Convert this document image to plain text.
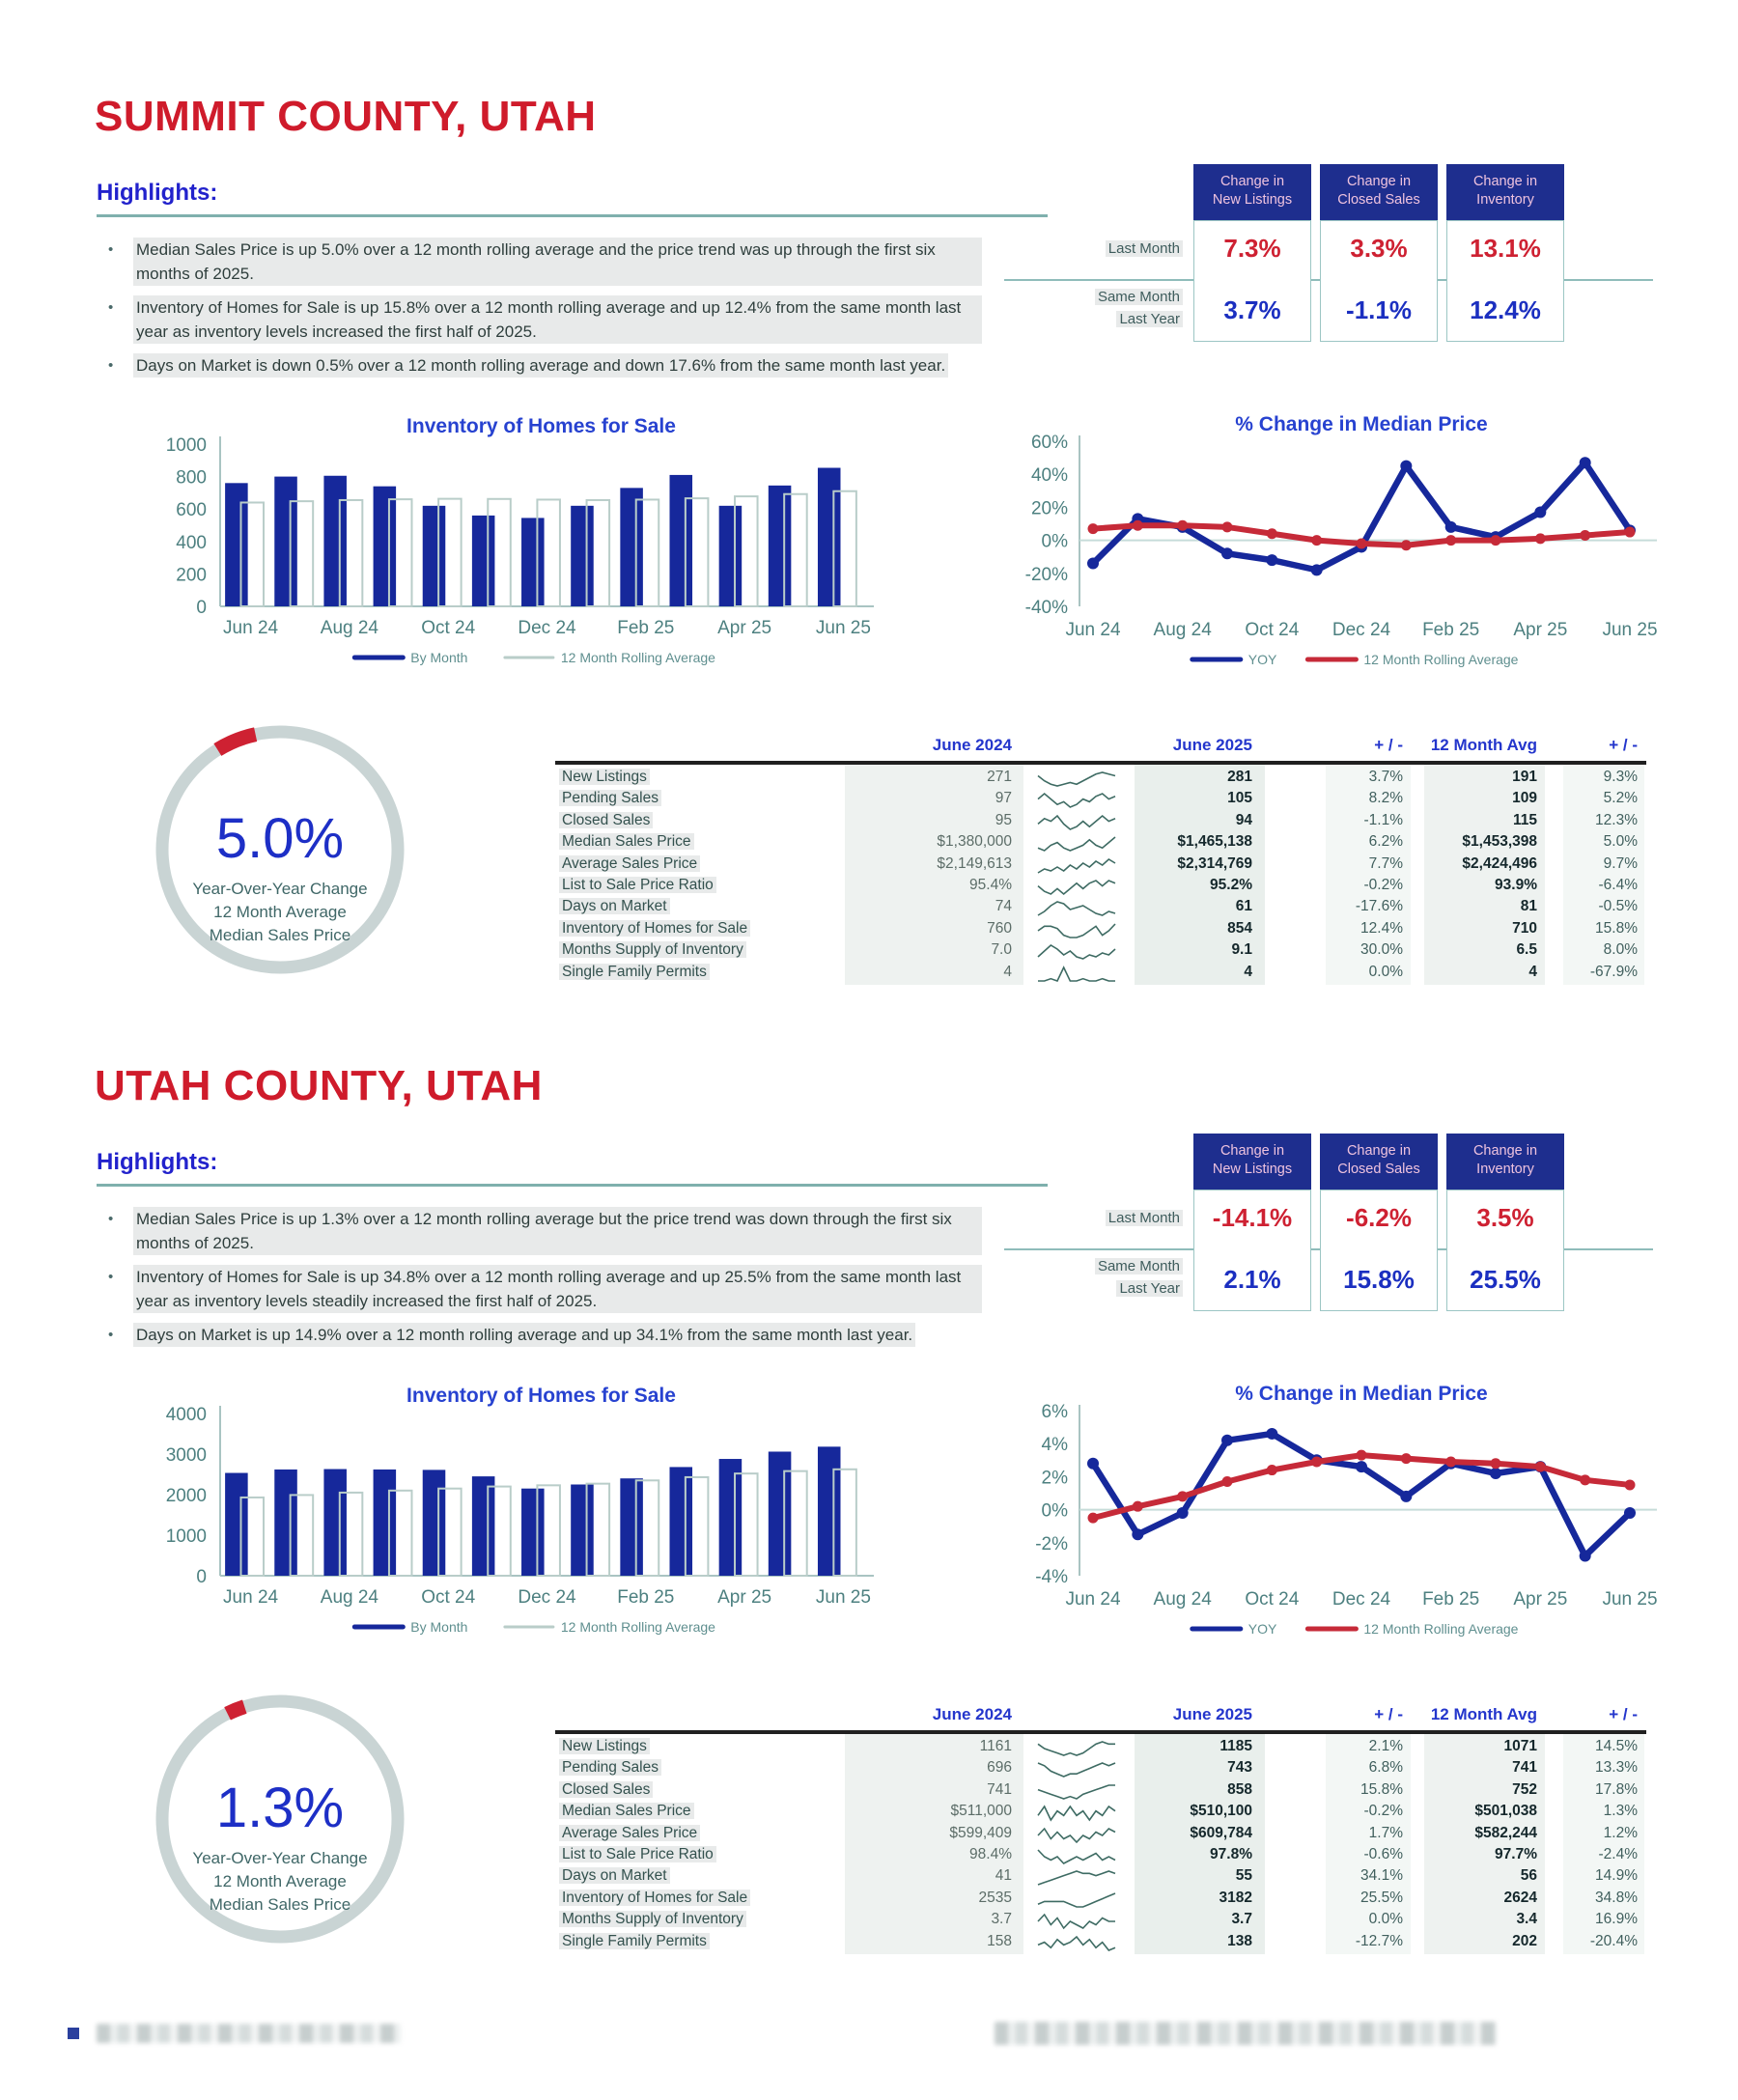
SUMMIT COUNTY, UTAH
Highlights:
•	Median Sales Price is up 5.0% over a 12 month rolling average and the price trend was up through the first six months of 2025.
•	Inventory of Homes for Sale is up 15.8% over a 12 month rolling average and up 12.4% from the same month last year as inventory levels increased the first half of 2025.
•	Days on Market is down 0.5% over a 12 month rolling average and down 17.6% from the same month last year.
Last Month
Same Month
Last Year
Change in
New Listings
Change in
Closed Sales
Change in
Inventory
7.3%	3.3%	13.1%
3.7%	-1.1%	12.4%
Inventory of Homes for Sale
1000
800
600
400
200
0
Jun 24 Aug 24 Oct 24 Dec 24 Feb 25 Apr 25 Jun 25
By Month	12 Month Rolling Average
% Change in Median Price
60%
40%
20%
0%
-20%
-40%
Jun 24 Aug 24 Oct 24 Dec 24 Feb 25 Apr 25 Jun 25
YOY	12 Month Rolling Average
5.0%
Year-Over-Year Change
12 Month Average
Median Sales Price
June 2024	June 2025	+ / - 12 Month Avg	+ / -
New Listings	271	281	3.7%	191	9.3%
Pending Sales	97	105	8.2%	109	5.2%
Closed Sales	95	94	-1.1%	115	12.3%
Median Sales Price	$1,380,000	$1,465,138	6.2%	$1,453,398	5.0%
Average Sales Price	$2,149,613	$2,314,769	7.7%	$2,424,496	9.7%
List to Sale Price Ratio	95.4%	95.2%	-0.2%	93.9%	-6.4%
Days on Market	74	61	-17.6%	81	-0.5%
Inventory of Homes for Sale	760	854	12.4%	710	15.8%
Months Supply of Inventory	7.0	9.1	30.0%	6.5	8.0%
Single Family Permits	4	4	0.0%	4	-67.9%
UTAH COUNTY, UTAH
Highlights:
•	Median Sales Price is up 1.3% over a 12 month rolling average but the price trend was down through the first six months of 2025.
•	Inventory of Homes for Sale is up 34.8% over a 12 month rolling average and up 25.5% from the same month last year as inventory levels steadily increased the first half of 2025.
•	Days on Market is up 14.9% over a 12 month rolling average and up 34.1% from the same month last year.
Last Month
Same Month
Last Year
Change in
New Listings
Change in
Closed Sales
Change in
Inventory
-14.1%	-6.2%	3.5%
2.1%	15.8%	25.5%
Inventory of Homes for Sale
4000
3000
2000
1000
0
Jun 24 Aug 24 Oct 24 Dec 24 Feb 25 Apr 25 Jun 25
By Month	12 Month Rolling Average
% Change in Median Price
6%
4%
2%
0%
-2%
-4%
Jun 24 Aug 24 Oct 24 Dec 24 Feb 25 Apr 25 Jun 25
YOY	12 Month Rolling Average
1.3%
Year-Over-Year Change
12 Month Average
Median Sales Price
June 2024	June 2025	+ / - 12 Month Avg	+ / -
New Listings	1161	1185	2.1%	1071	14.5%
Pending Sales	696	743	6.8%	741	13.3%
Closed Sales	741	858	15.8%	752	17.8%
Median Sales Price	$511,000	$510,100	-0.2%	$501,038	1.3%
Average Sales Price	$599,409	$609,784	1.7%	$582,244	1.2%
List to Sale Price Ratio	98.4%	97.8%	-0.6%	97.7%	-2.4%
Days on Market	41	55	34.1%	56	14.9%
Inventory of Homes for Sale	2535	3182	25.5%	2624	34.8%
Months Supply of Inventory	3.7	3.7	0.0%	3.4	16.9%
Single Family Permits	158	138	-12.7%	202	-20.4%
